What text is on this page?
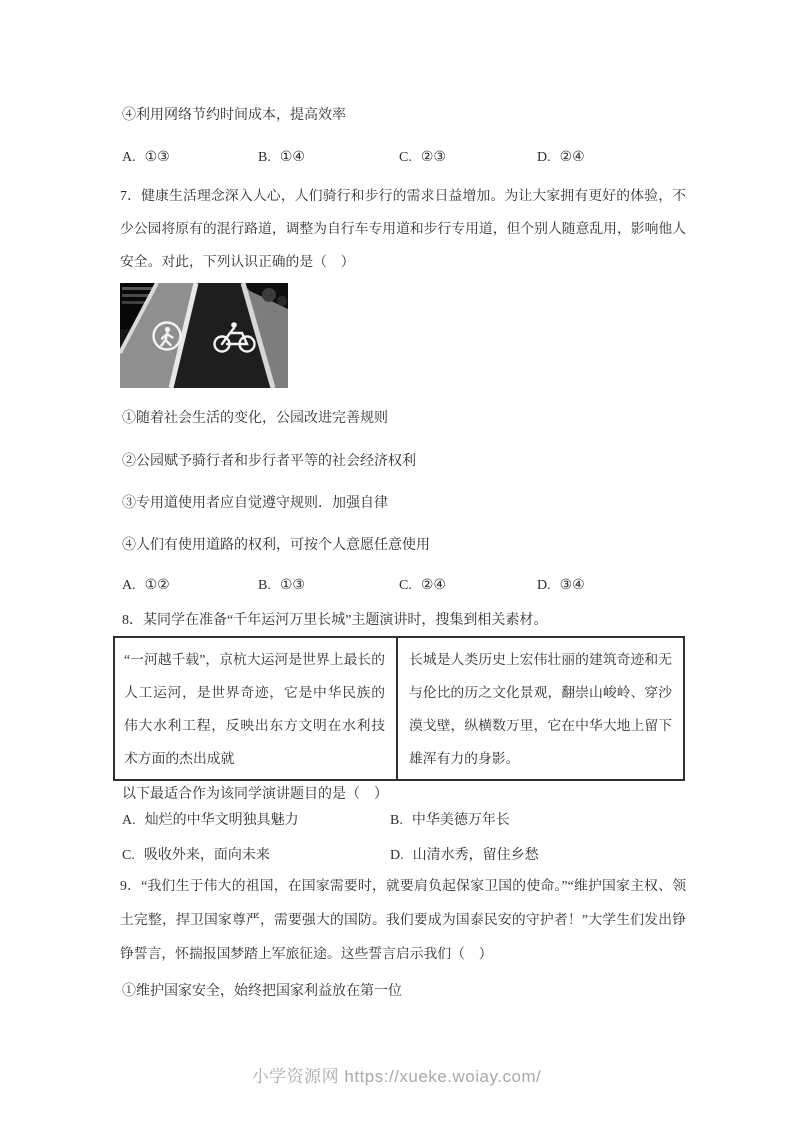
④利用网络节约时间成本，提高效率
A. ①③	B. ①④	C. ②③	D. ②④
7．健康生活理念深入人心，人们骑行和步行的需求日益增加。为让大家拥有更好的体验，不少公园将原有的混行路道，调整为自行车专用道和步行专用道，但个别人随意乱用，影响他人安全。对此，下列认识正确的是（　）
①随着社会生活的变化，公园改进完善规则
②公园赋予骑行者和步行者平等的社会经济权利
③专用道使用者应自觉遵守规则．加强自律
④人们有使用道路的权利，可按个人意愿任意使用
A. ①②	B. ①③	C. ②④	D. ③④
8．某同学在准备“千年运河万里长城”主题演讲时，搜集到相关素材。
“一河越千载”，京杭大运河是世界上最长的人工运河，是世界奇迹，它是中华民族的伟大水利工程，反映出东方文明在水利技术方面的杰出成就
长城是人类历史上宏伟壮丽的建筑奇迹和无与伦比的历之文化景观，翻崇山峻岭、穿沙漠戈壁，纵横数万里，它在中华大地上留下雄浑有力的身影。
以下最适合作为该同学演讲题目的是（　）
A. 灿烂的中华文明独具魅力	B. 中华美德万年长
C. 吸收外来，面向未来	D. 山清水秀，留住乡愁
9．“我们生于伟大的祖国，在国家需要时，就要肩负起保家卫国的使命。”“维护国家主权、领土完整，捍卫国家尊严，需要强大的国防。我们要成为国泰民安的守护者！”大学生们发出铮铮誓言，怀揣报国梦踏上军旅征途。这些誓言启示我们（　）
①维护国家安全，始终把国家利益放在第一位
小学资源网 https://xueke.woiay.com/
